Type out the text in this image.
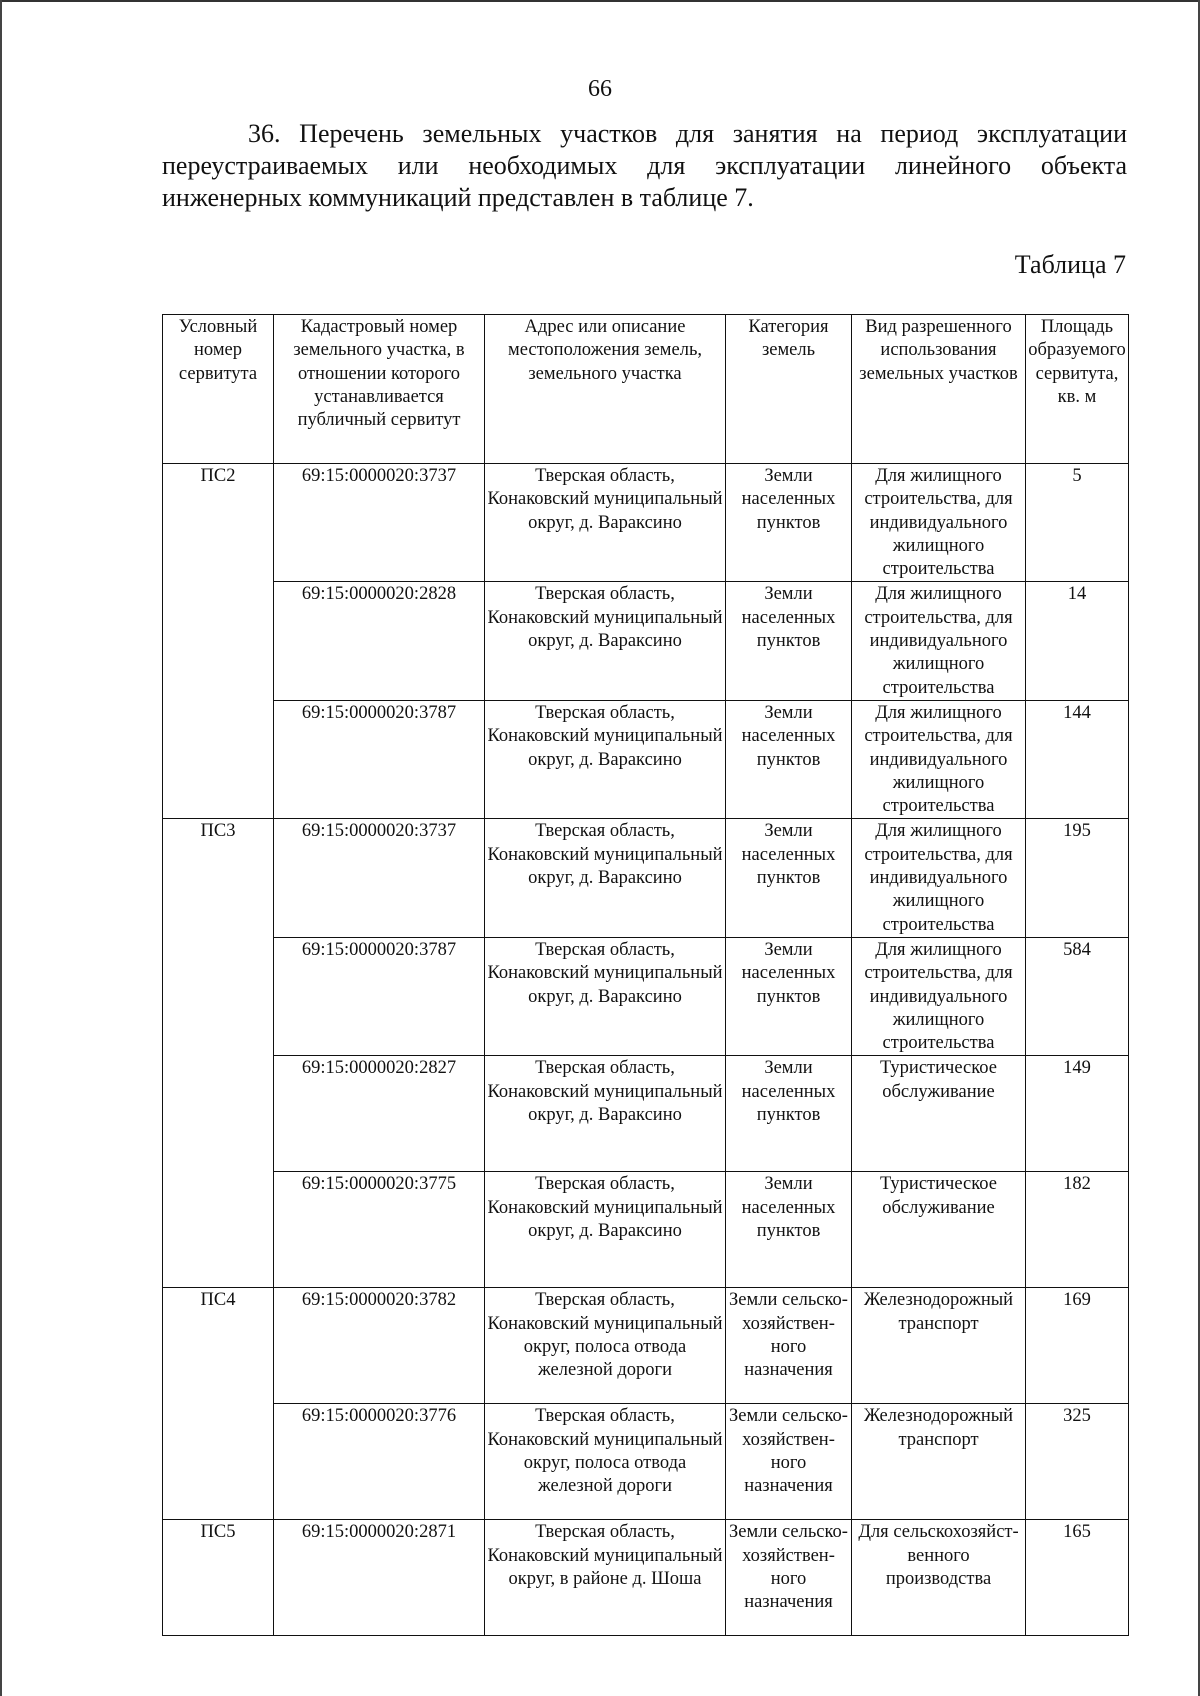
66

36. Перечень земельных участков для занятия на период эксплуатации переустраиваемых или необходимых для эксплуатации линейного объекта инженерных коммуникаций представлен в таблице 7.

Таблица 7
Условный номер сервитута	Кадастровый номер земельного участка, в отношении которого устанавливается публичный сервитут	Адрес или описание местоположения земель, земельного участка	Категория земель	Вид разрешенного использования земельных участков	Площадь образуемого сервитута, кв. м
ПС2	69:15:0000020:3737	Тверская область, Конаковский муниципальный округ, д. Вараксино	Земли населенных пунктов	Для жилищного строительства, для индивидуального жилищного строительства	5
	69:15:0000020:2828	Тверская область, Конаковский муниципальный округ, д. Вараксино	Земли населенных пунктов	Для жилищного строительства, для индивидуального жилищного строительства	14
	69:15:0000020:3787	Тверская область, Конаковский муниципальный округ, д. Вараксино	Земли населенных пунктов	Для жилищного строительства, для индивидуального жилищного строительства	144
ПС3	69:15:0000020:3737	Тверская область, Конаковский муниципальный округ, д. Вараксино	Земли населенных пунктов	Для жилищного строительства, для индивидуального жилищного строительства	195
	69:15:0000020:3787	Тверская область, Конаковский муниципальный округ, д. Вараксино	Земли населенных пунктов	Для жилищного строительства, для индивидуального жилищного строительства	584
	69:15:0000020:2827	Тверская область, Конаковский муниципальный округ, д. Вараксино	Земли населенных пунктов	Туристическое обслуживание	149
	69:15:0000020:3775	Тверская область, Конаковский муниципальный округ, д. Вараксино	Земли населенных пунктов	Туристическое обслуживание	182
ПС4	69:15:0000020:3782	Тверская область, Конаковский муниципальный округ, полоса отвода железной дороги	Земли сельско-хозяйствен-ного назначения	Железнодорожный транспорт	169
	69:15:0000020:3776	Тверская область, Конаковский муниципальный округ, полоса отвода железной дороги	Земли сельско-хозяйствен-ного назначения	Железнодорожный транспорт	325
ПС5	69:15:0000020:2871	Тверская область, Конаковский муниципальный округ, в районе д. Шоша	Земли сельско-хозяйствен-ного назначения	Для сельскохозяйст-венного производства	165
